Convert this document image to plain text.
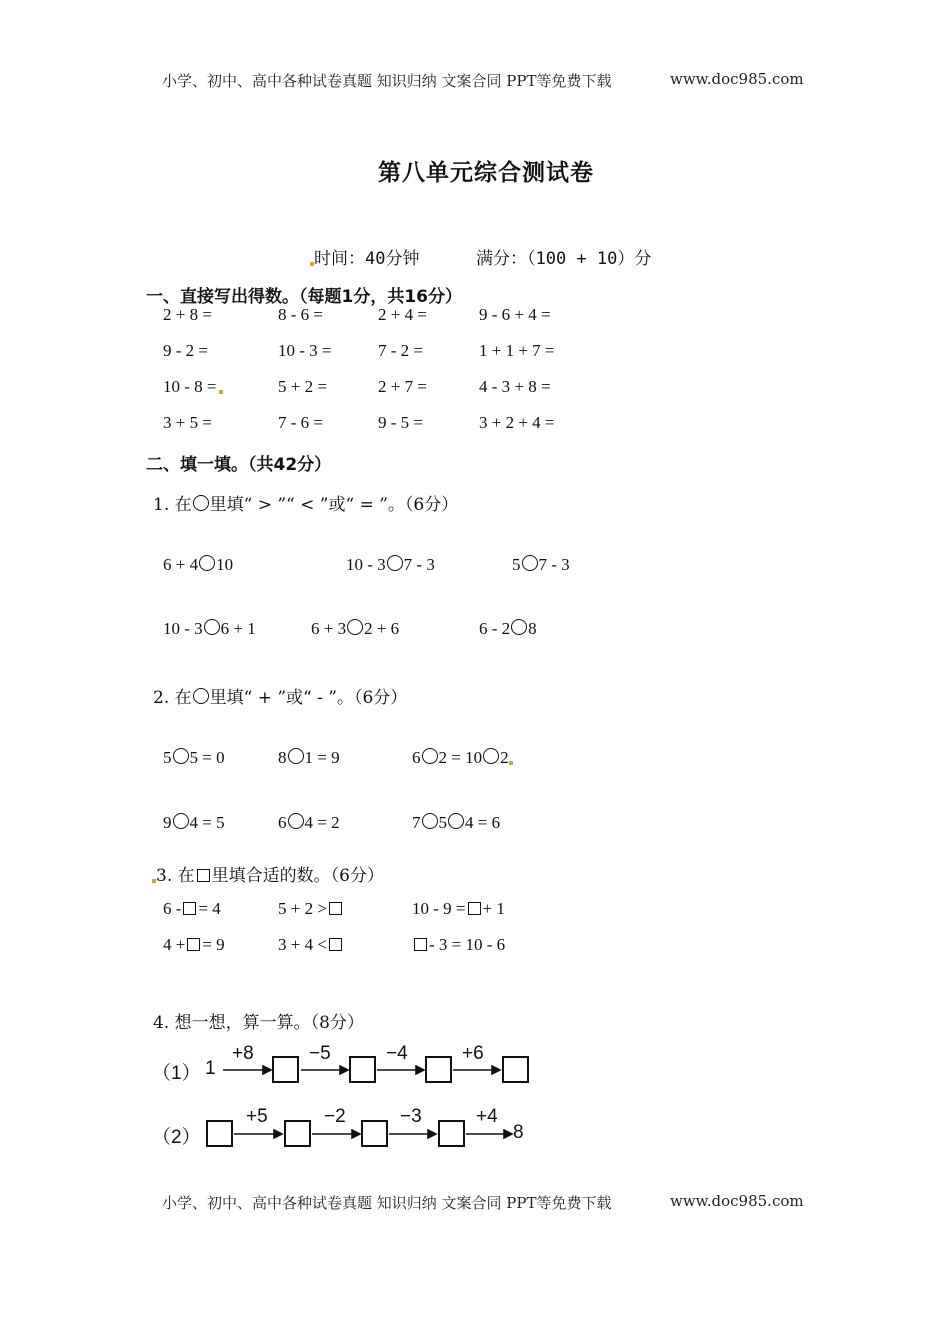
小学、初中、高中各种试卷真题 知识归纳 文案合同 PPT等免费下载	www.doc985.com
第八单元综合测试卷
时间：40分钟	满分：（100 + 10）分
一、直接写出得数。（每题1分，共16分）
2 + 8 =	8 - 6 =	2 + 4 =	9 - 6 + 4 =
9 - 2 =	10 - 3 =	7 - 2 =	1 + 1 + 7 =
10 - 8 =	5 + 2 =	2 + 7 =	4 - 3 + 8 =
3 + 5 =	7 - 6 =	9 - 5 =	3 + 2 + 4 =
二、填一填。（共42分）
1. 在 里填“ > ”“ < ”或“ = ”。（6分）
6 + 4 10	10 - 3 7 - 3	5 7 - 3
10 - 3 6 + 1	6 + 3 2 + 6	6 - 2 8
2. 在 里填“ + ”或“ - ”。（6分）
5 5 = 0	8 1 = 9	6 2 = 10 2
9 4 = 5	6 4 = 2	7 5 4 = 6
3. 在 里填合适的数。（6分）
6 - = 4	5 + 2 >	10 - 9 = + 1
4 + = 9	3 + 4 <	- 3 = 10 - 6
4. 想一想，算一算。（8分）
（1） 1
+8	−5	−4	+6
（2）
+5	−2	−3	+4
8
小学、初中、高中各种试卷真题 知识归纳 文案合同 PPT等免费下载	www.doc985.com
